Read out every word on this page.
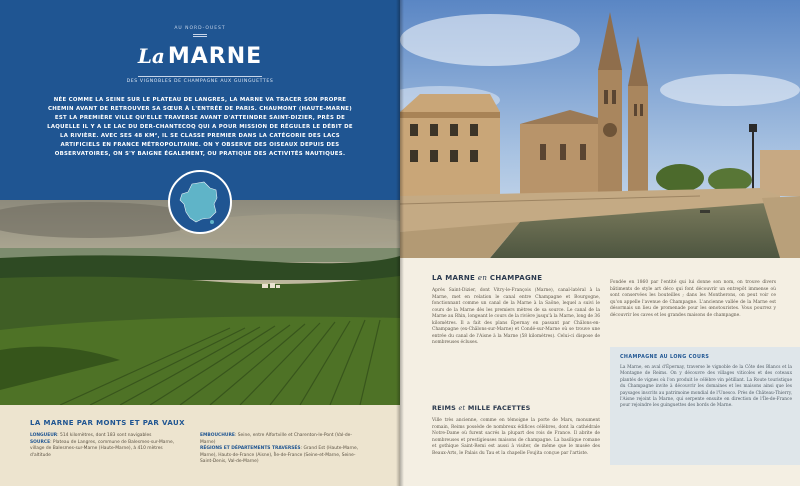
AU NORD-OUEST
La MARNE
DES VIGNOBLES DE CHAMPAGNE AUX GUINGUETTES
NÉE COMME LA SEINE SUR LE PLATEAU DE LANGRES, LA MARNE VA TRACER SON PROPRE CHEMIN AVANT DE RETROUVER SA SŒUR À L'ENTRÉE DE PARIS. CHAUMONT (HAUTE-MARNE) EST LA PREMIÈRE VILLE QU'ELLE TRAVERSE AVANT D'ATTEINDRE SAINT-DIZIER, PRÈS DE LAQUELLE IL Y A LE LAC DU DER-CHANTECOQ QUI A POUR MISSION DE RÉGULER LE DÉBIT DE LA RIVIÈRE. AVEC SES 48 KM², IL SE CLASSE PREMIER DANS LA CATÉGORIE DES LACS ARTIFICIELS EN FRANCE MÉTROPOLITAINE. ON Y OBSERVE DES OISEAUX DEPUIS DES OBSERVATOIRES, ON S'Y BAIGNE ÉGALEMENT, OU PRATIQUE DES ACTIVITÉS NAUTIQUES.
LA MARNE PAR MONTS ET PAR VAUX
LONGUEUR: 514 kilomètres, dont 183 sont navigables
SOURCE: Plateau de Langres, commune de Balesmes-sur-Marne, village de Balesmes-sur-Marne (Haute-Marne), à 410 mètres d'altitude
EMBOUCHURE: Seine, entre Alfortville et Charenton-le-Pont (Val-de-Marne)
RÉGIONS ET DÉPARTEMENTS TRAVERSÉS: Grand Est (Haute-Marne, Marne), Hauts-de-France (Aisne), Île-de-France (Seine-et-Marne, Seine-Saint-Denis, Val-de-Marne)
LA MARNE en CHAMPAGNE
Après Saint-Dizier, dont Vitry-le-François (Marne), canal-latéral à la Marne, met en relation le canal entre Champagne et Bourgogne, fonctionnant comme un canal de la Marne à la Saône, lequel a suivi le cours de la Marne dès les premiers mètres de sa source. Le canal de la Marne au Rhin, longeant le cours de la rivière jusqu'à la Marne, long de 36 kilomètres. Il a fait des plans Épernay en passant par Châlons-en-Champagne (ex-Châlons-sur-Marne) et Condé-sur-Marne où se trouve une entrée du canal de l'Aisne à la Marne (58 kilomètres). Celui-ci dispose de nombreuses écluses.
Fondée en 1860 par l'entité qui lui donne son nom, on trouve divers bâtiments de style art déco qui font découvrir un entrepôt immense où sont conservées les bouteilles ; dans les Montherons, on peut voir ce qu'on appelle l'avenue de Champagne. L'ancienne vallée de la Marne est désormais un lieu de promenade pour les œnotouristes. Vous pourrez y découvrir les caves et les grandes maisons de champagne.
REIMS et MILLE FACETTES
Ville très ancienne, comme en témoigne la porte de Mars, monument romain, Reims possède de nombreux édifices célèbres, dont la cathédrale Notre-Dame où furent sacrés la plupart des rois de France. Il abrite de nombreuses et prestigieuses maisons de champagne. La basilique romane et gothique Saint-Remi est aussi à visiter, de même que le musée des Beaux-Arts, le Palais du Tau et la chapelle Foujita conçue par l'artiste.
CHAMPAGNE AU LONG COURS
La Marne, en aval d'Épernay, traverse le vignoble de la Côte des Blancs et la Montagne de Reims. On y découvre des villages viticoles et des coteaux plantés de vignes où l'on produit le célèbre vin pétillant. La Route touristique du Champagne invite à découvrir les domaines et les maisons ainsi que les paysages inscrits au patrimoine mondial de l'Unesco. Près de Château-Thierry, l'Aisne rejoint la Marne, qui serpente ensuite en direction de l'Île-de-France pour rejoindre les guinguettes des bords de Marne.
